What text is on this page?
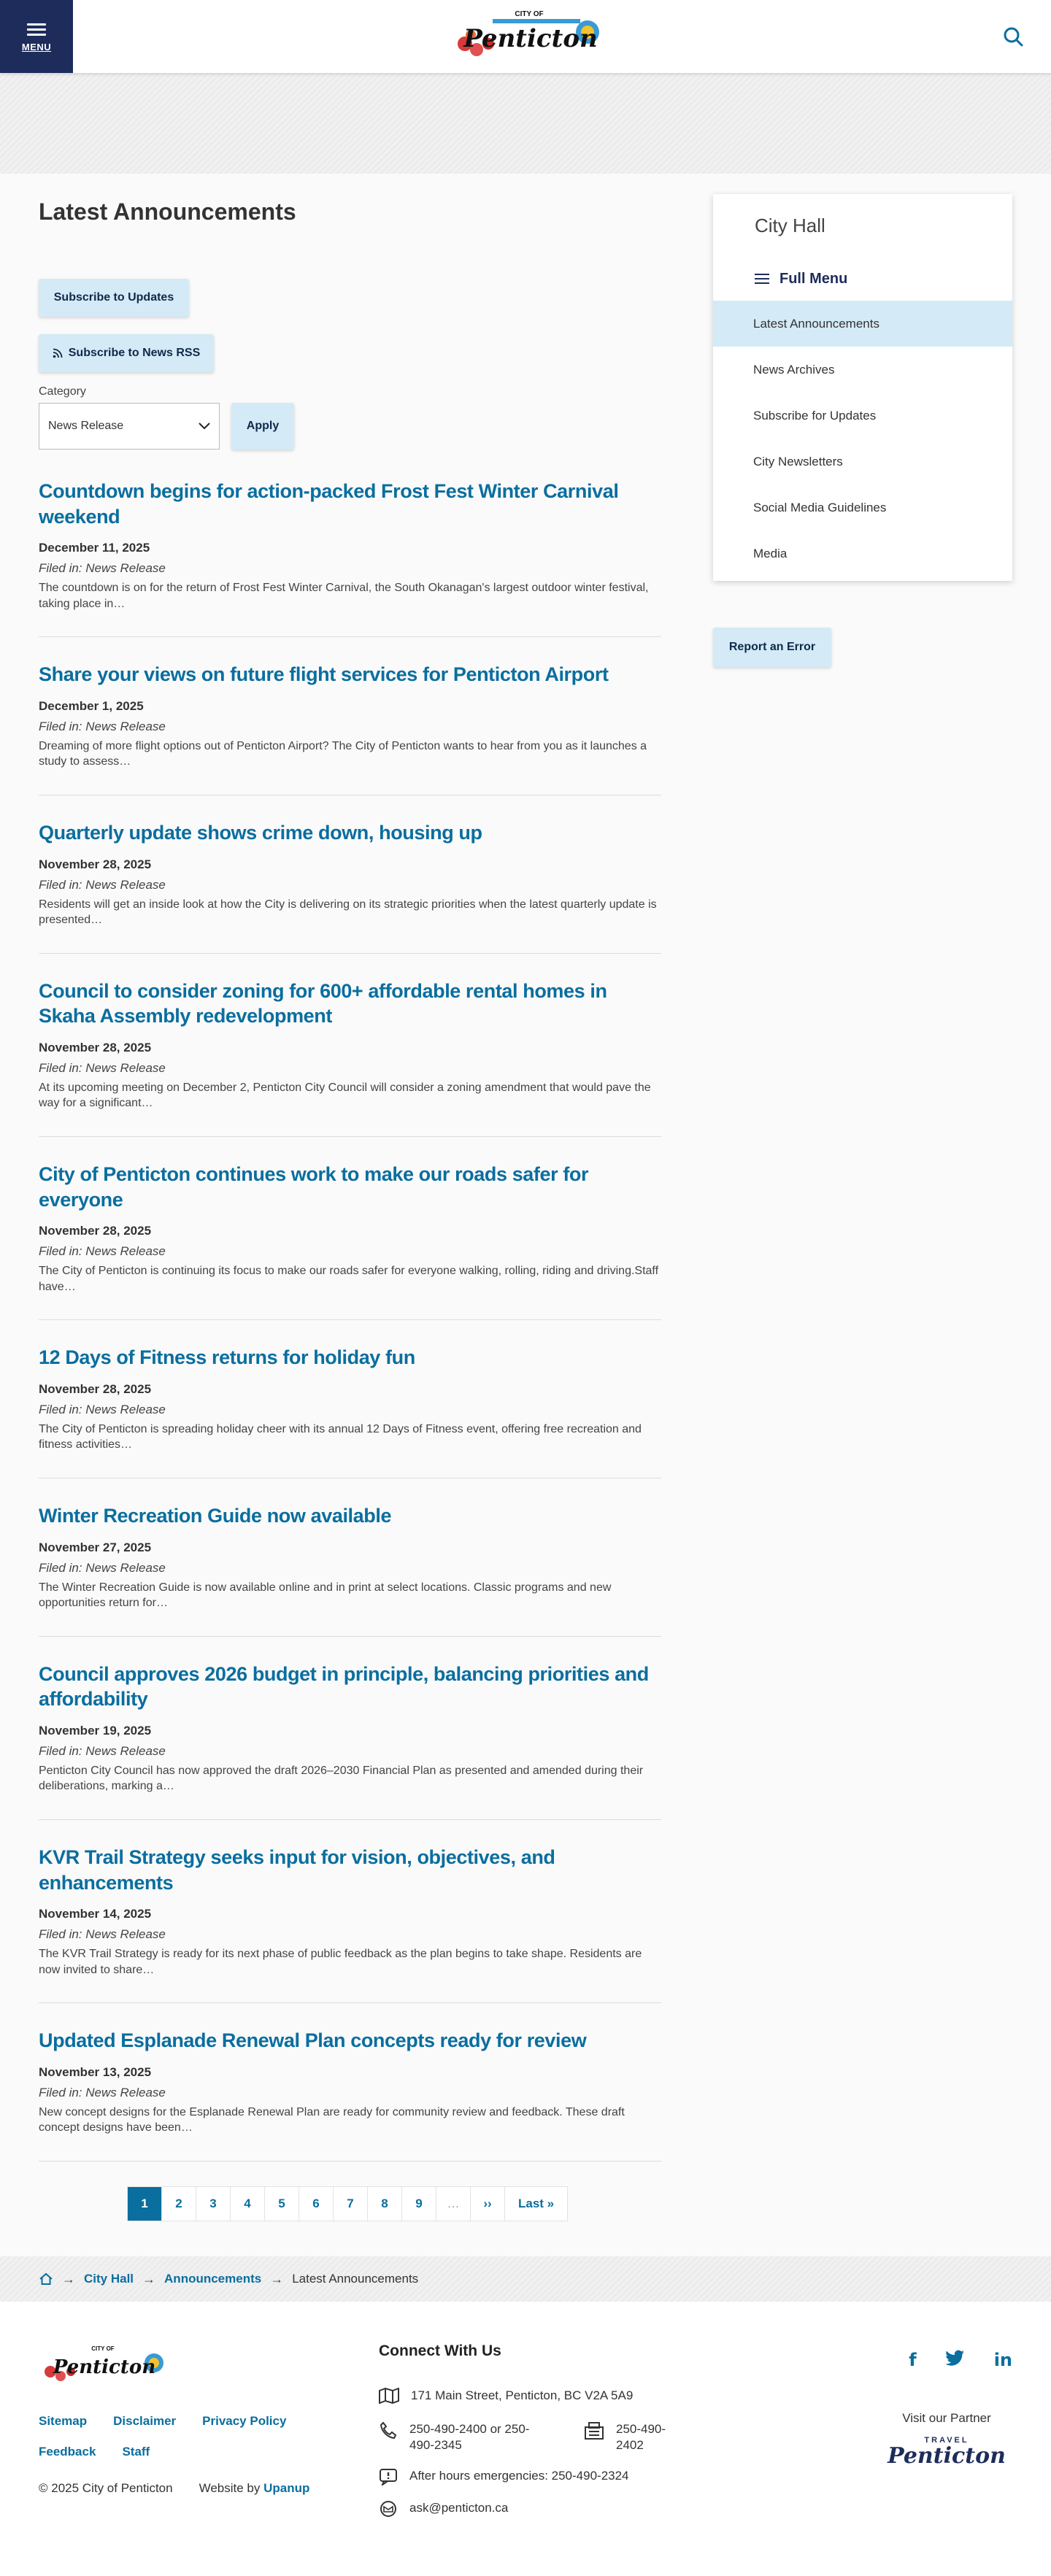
MENU
CITY OF
Penticton
Latest Announcements
Subscribe to Updates
Subscribe to News RSS
Category
News Release	Apply
Countdown begins for action-packed Frost Fest Winter Carnival weekend
December 11, 2025
Filed in: News Release
The countdown is on for the return of Frost Fest Winter Carnival, the South Okanagan's largest outdoor winter festival, taking place in…
Share your views on future flight services for Penticton Airport
December 1, 2025
Filed in: News Release
Dreaming of more flight options out of Penticton Airport? The City of Penticton wants to hear from you as it launches a study to assess…
Quarterly update shows crime down, housing up
November 28, 2025
Filed in: News Release
Residents will get an inside look at how the City is delivering on its strategic priorities when the latest quarterly update is presented…
Council to consider zoning for 600+ affordable rental homes in Skaha Assembly redevelopment
November 28, 2025
Filed in: News Release
At its upcoming meeting on December 2, Penticton City Council will consider a zoning amendment that would pave the way for a significant…
City of Penticton continues work to make our roads safer for everyone
November 28, 2025
Filed in: News Release
The City of Penticton is continuing its focus to make our roads safer for everyone walking, rolling, riding and driving.Staff have…
12 Days of Fitness returns for holiday fun
November 28, 2025
Filed in: News Release
The City of Penticton is spreading holiday cheer with its annual 12 Days of Fitness event, offering free recreation and fitness activities…
Winter Recreation Guide now available
November 27, 2025
Filed in: News Release
The Winter Recreation Guide is now available online and in print at select locations. Classic programs and new opportunities return for…
Council approves 2026 budget in principle, balancing priorities and affordability
November 19, 2025
Filed in: News Release
Penticton City Council has now approved the draft 2026–2030 Financial Plan as presented and amended during their deliberations, marking a…
KVR Trail Strategy seeks input for vision, objectives, and enhancements
November 14, 2025
Filed in: News Release
The KVR Trail Strategy is ready for its next phase of public feedback as the plan begins to take shape. Residents are now invited to share…
Updated Esplanade Renewal Plan concepts ready for review
November 13, 2025
Filed in: News Release
New concept designs for the Esplanade Renewal Plan are ready for community review and feedback. These draft concept designs have been…
1	2	3	4	5	6	7	8	9	…	››	Last »
City Hall
Full Menu
Latest Announcements
News Archives
Subscribe for Updates
City Newsletters
Social Media Guidelines
Media
Report an Error
→ City Hall → Announcements → Latest Announcements
CITY OF
Penticton
Sitemap Disclaimer Privacy Policy
Feedback Staff
© 2025 City of Penticton Website by Upanup
Connect With Us
171 Main Street, Penticton, BC V2A 5A9
250-490-2400 or 250-490-2345
250-490-2402
After hours emergencies: 250-490-2324
ask@penticton.ca
f	in
Visit our Partner
TRAVEL
Penticton
